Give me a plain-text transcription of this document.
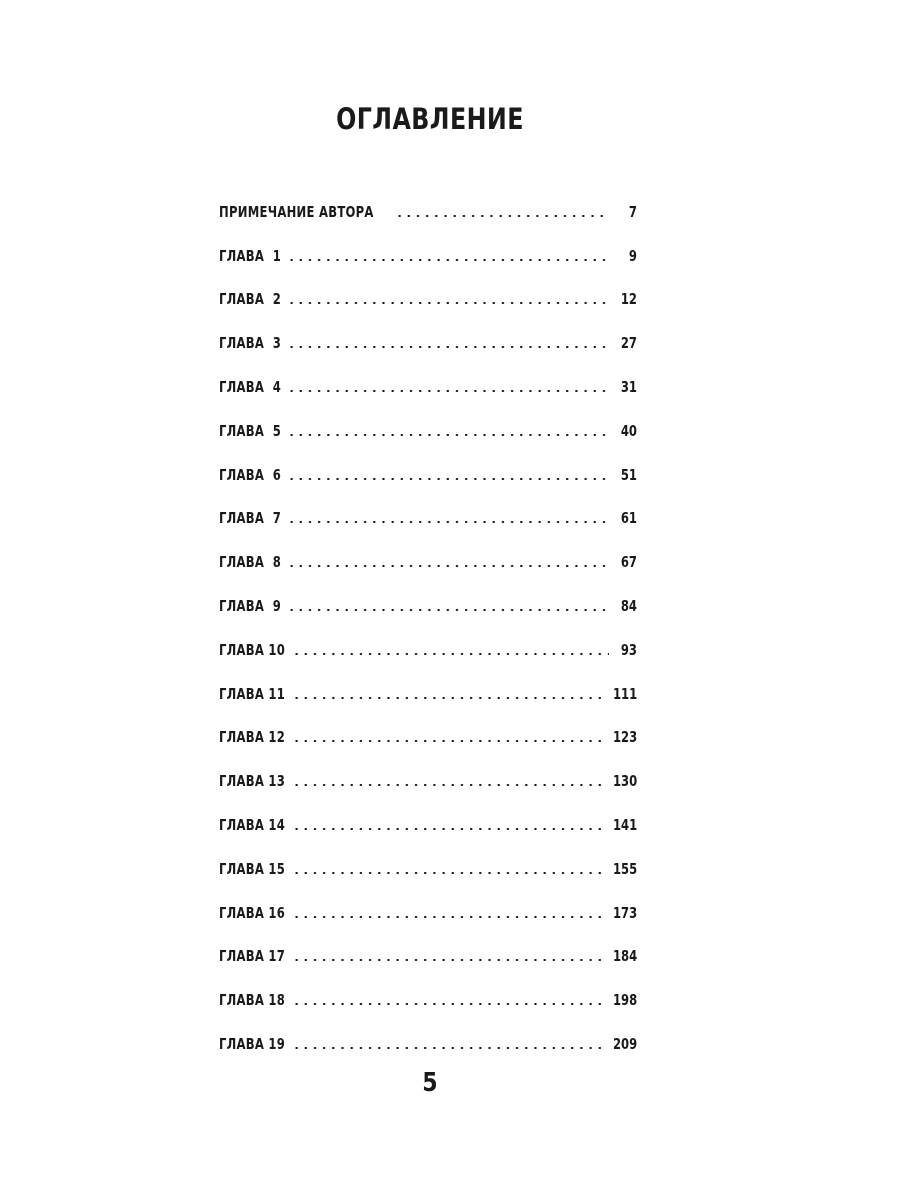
ОГЛАВЛЕНИЕ
ПРИМЕЧАНИЕ АВТОРА	7
ГЛАВА  1	9
ГЛАВА  2	12
ГЛАВА  3	27
ГЛАВА  4	31
ГЛАВА  5	40
ГЛАВА  6	51
ГЛАВА  7	61
ГЛАВА  8	67
ГЛАВА  9	84
ГЛАВА 10	93
ГЛАВА 11	111
ГЛАВА 12	123
ГЛАВА 13	130
ГЛАВА 14	141
ГЛАВА 15	155
ГЛАВА 16	173
ГЛАВА 17	184
ГЛАВА 18	198
ГЛАВА 19	209
5
